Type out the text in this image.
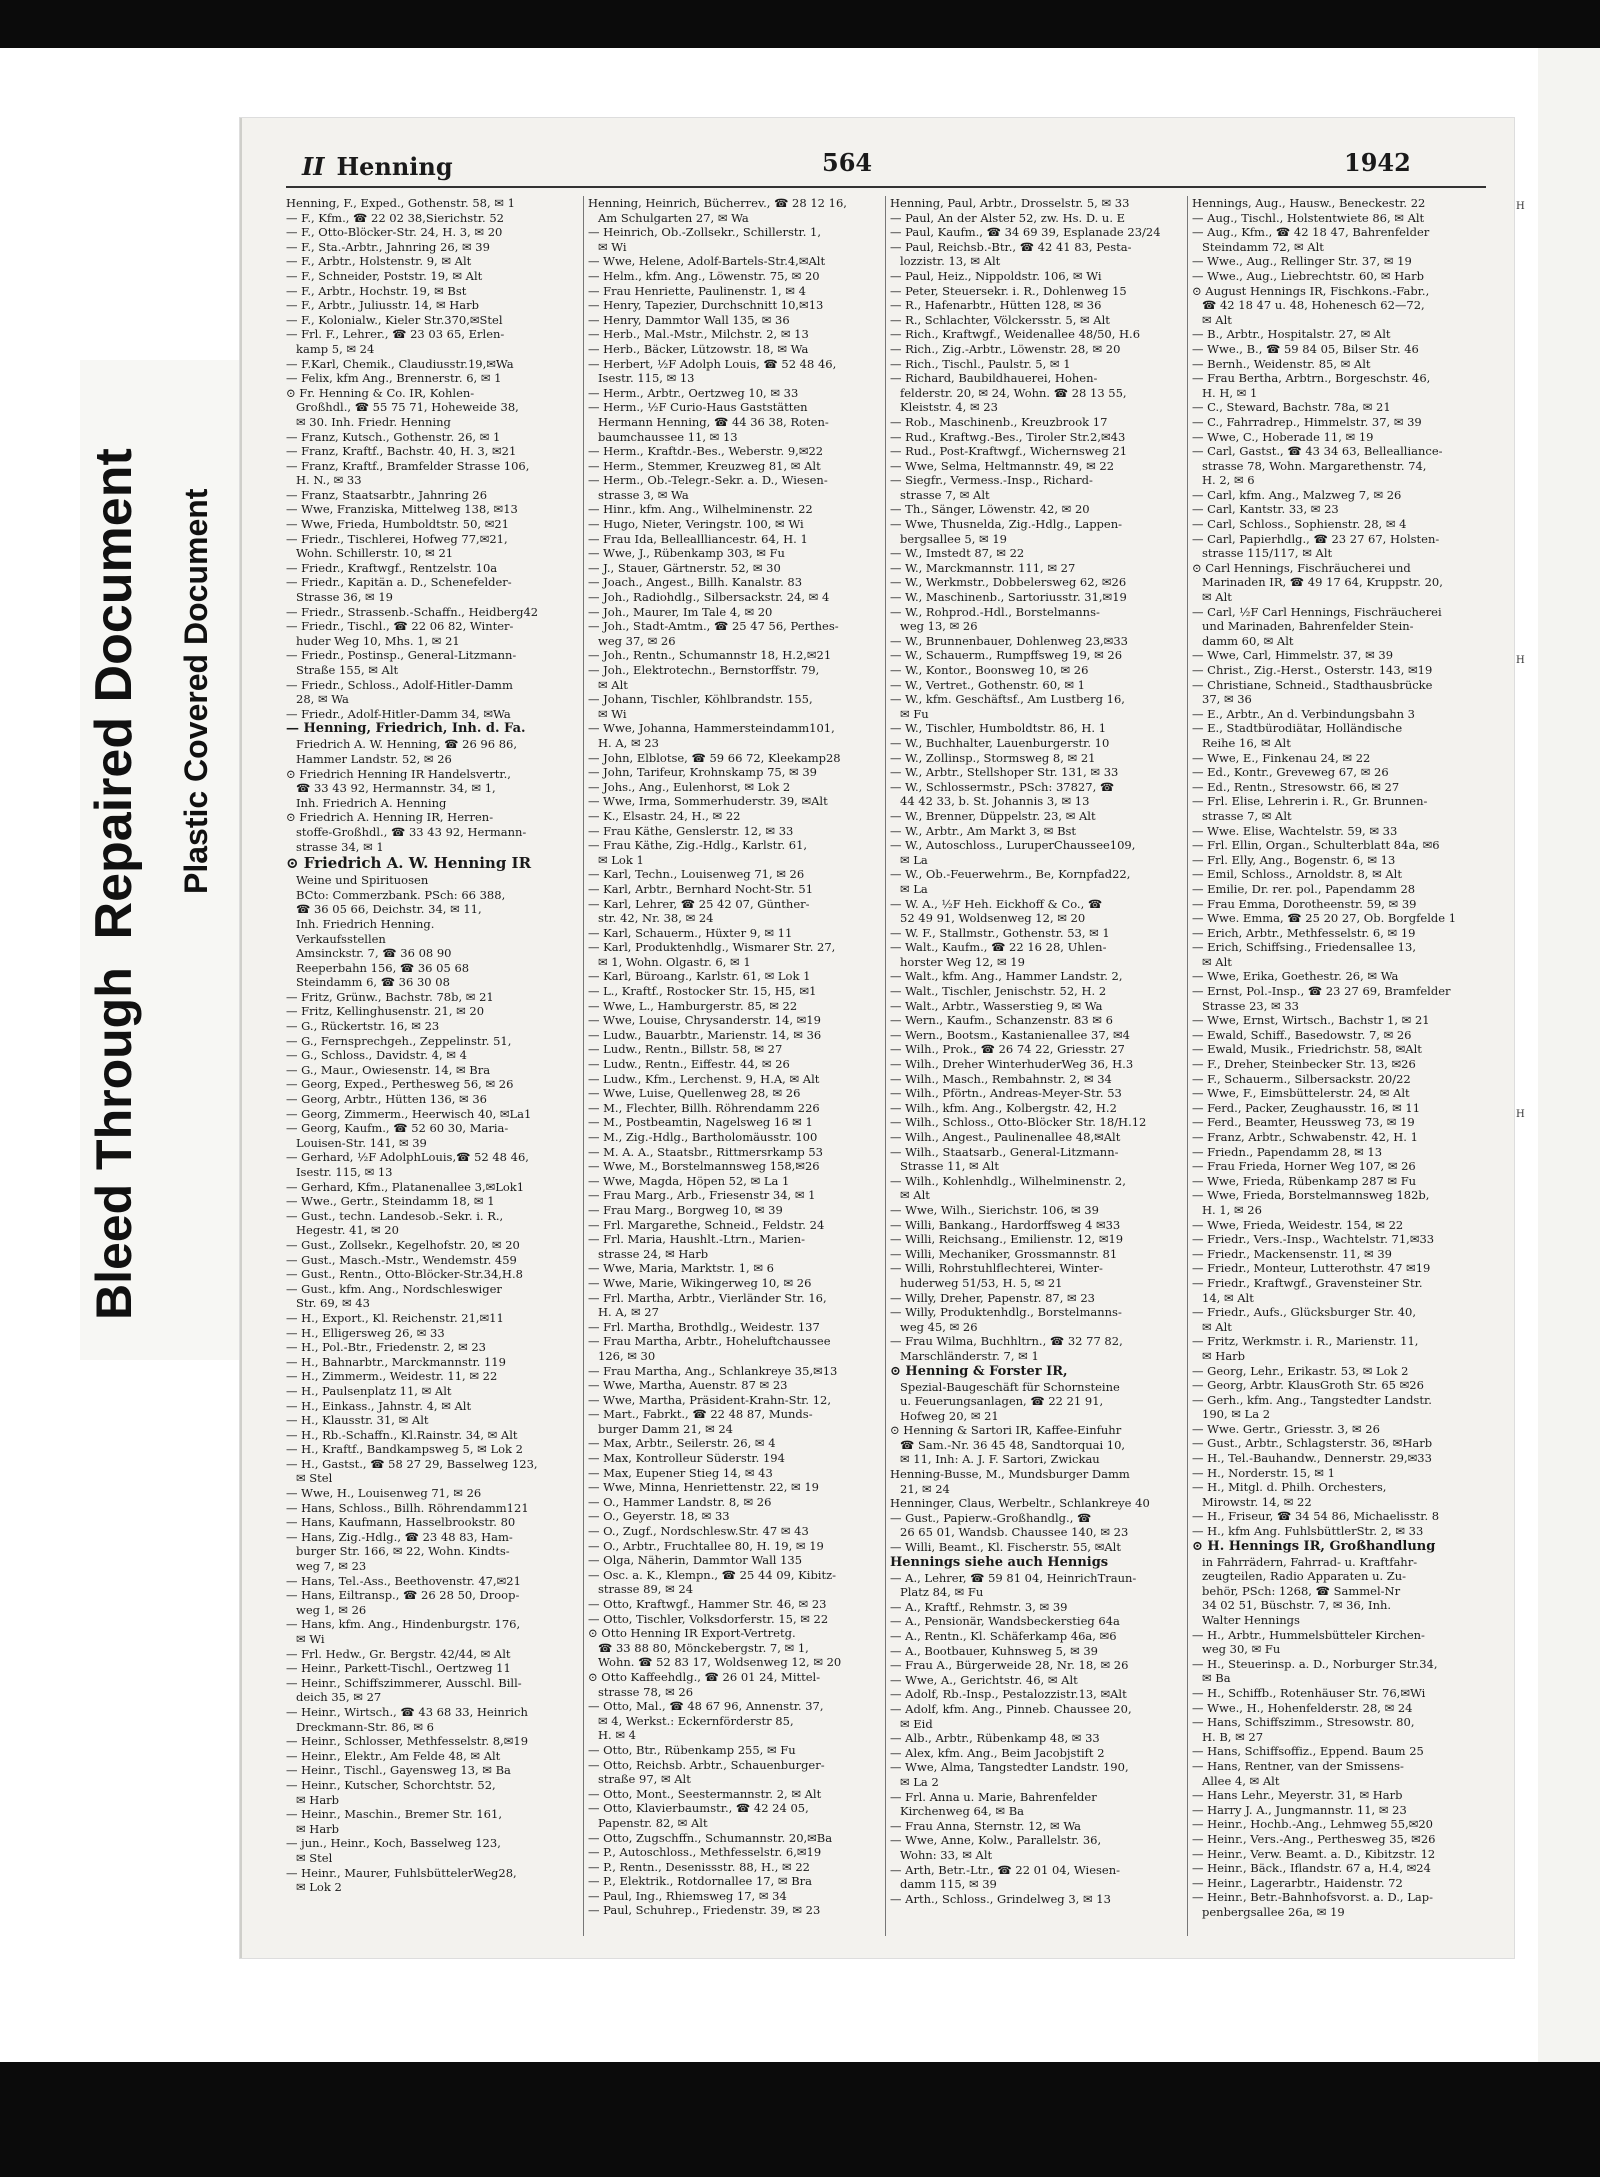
Bleed Through  Repaired Document Plastic Covered Document
II Henning	564	1942
Henning, F., Exped., Gothenstr. 58, ✉ 1
— F., Kfm., ☎ 22 02 38,Sierichstr. 52
— F., Otto-Blöcker-Str. 24, H. 3, ✉ 20
— F., Sta.-Arbtr., Jahnring 26, ✉ 39
— F., Arbtr., Holstenstr. 9, ✉ Alt
— F., Schneider, Poststr. 19, ✉ Alt
— F., Arbtr., Hochstr. 19, ✉ Bst
— F., Arbtr., Juliusstr. 14, ✉ Harb
— F., Kolonialw., Kieler Str.370,✉Stel
— Frl. F., Lehrer., ☎ 23 03 65, Erlen-
kamp 5, ✉ 24
— F.Karl, Chemik., Claudiusstr.19,✉Wa
— Felix, kfm Ang., Brennerstr. 6, ✉ 1
⊙ Fr. Henning & Co. IR, Kohlen-
Großhdl., ☎ 55 75 71, Hoheweide 38,
✉ 30. Inh. Friedr. Henning
— Franz, Kutsch., Gothenstr. 26, ✉ 1
— Franz, Kraftf., Bachstr. 40, H. 3, ✉21
— Franz, Kraftf., Bramfelder Strasse 106,
H. N., ✉ 33
— Franz, Staatsarbtr., Jahnring 26
— Wwe, Franziska, Mittelweg 138, ✉13
— Wwe, Frieda, Humboldtstr. 50, ✉21
— Friedr., Tischlerei, Hofweg 77,✉21,
Wohn. Schillerstr. 10, ✉ 21
— Friedr., Kraftwgf., Rentzelstr. 10a
— Friedr., Kapitän a. D., Schenefelder-
Strasse 36, ✉ 19
— Friedr., Strassenb.-Schaffn., Heidberg42
— Friedr., Tischl., ☎ 22 06 82, Winter-
huder Weg 10, Mhs. 1, ✉ 21
— Friedr., Postinsp., General-Litzmann-
Straße 155, ✉ Alt
— Friedr., Schloss., Adolf-Hitler-Damm
28, ✉ Wa
— Friedr., Adolf-Hitler-Damm 34, ✉Wa
— Henning, Friedrich, Inh. d. Fa.
Friedrich A. W. Henning, ☎ 26 96 86,
Hammer Landstr. 52, ✉ 26
⊙ Friedrich Henning IR Handelsvertr.,
☎ 33 43 92, Hermannstr. 34, ✉ 1,
Inh. Friedrich A. Henning
⊙ Friedrich A. Henning IR, Herren-
stoffe-Großhdl., ☎ 33 43 92, Hermann-
strasse 34, ✉ 1
⊙ Friedrich A. W. Henning IR
Weine und Spirituosen
BCto: Commerzbank. PSch: 66 388,
☎ 36 05 66, Deichstr. 34, ✉ 11,
Inh. Friedrich Henning.
Verkaufsstellen
Amsinckstr. 7, ☎ 36 08 90
Reeperbahn 156, ☎ 36 05 68
Steindamm 6, ☎ 36 30 08
— Fritz, Grünw., Bachstr. 78b, ✉ 21
— Fritz, Kellinghusenstr. 21, ✉ 20
— G., Rückertstr. 16, ✉ 23
— G., Fernsprechgeh., Zeppelinstr. 51,
— G., Schloss., Davidstr. 4, ✉ 4
— G., Maur., Owiesenstr. 14, ✉ Bra
— Georg, Exped., Perthesweg 56, ✉ 26
— Georg, Arbtr., Hütten 136, ✉ 36
— Georg, Zimmerm., Heerwisch 40, ✉La1
— Georg, Kaufm., ☎ 52 60 30, Maria-
Louisen-Str. 141, ✉ 39
— Gerhard, ½F AdolphLouis,☎ 52 48 46,
Isestr. 115, ✉ 13
— Gerhard, Kfm., Platanenallee 3,✉Lok1
— Wwe., Gertr., Steindamm 18, ✉ 1
— Gust., techn. Landesob.-Sekr. i. R.,
Hegestr. 41, ✉ 20
— Gust., Zollsekr., Kegelhofstr. 20, ✉ 20
— Gust., Masch.-Mstr., Wendemstr. 459
— Gust., Rentn., Otto-Blöcker-Str.34,H.8
— Gust., kfm. Ang., Nordschleswiger
Str. 69, ✉ 43
— H., Export., Kl. Reichenstr. 21,✉11
— H., Elligersweg 26, ✉ 33
— H., Pol.-Btr., Friedenstr. 2, ✉ 23
— H., Bahnarbtr., Marckmannstr. 119
— H., Zimmerm., Weidestr. 11, ✉ 22
— H., Paulsenplatz 11, ✉ Alt
— H., Einkass., Jahnstr. 4, ✉ Alt
— H., Klausstr. 31, ✉ Alt
— H., Rb.-Schaffn., Kl.Rainstr. 34, ✉ Alt
— H., Kraftf., Bandkampsweg 5, ✉ Lok 2
— H., Gastst., ☎ 58 27 29, Basselweg 123,
✉ Stel
— Wwe, H., Louisenweg 71, ✉ 26
— Hans, Schloss., Billh. Röhrendamm121
— Hans, Kaufmann, Hasselbrookstr. 80
— Hans, Zig.-Hdlg., ☎ 23 48 83, Ham-
burger Str. 166, ✉ 22, Wohn. Kindts-
weg 7, ✉ 23
— Hans, Tel.-Ass., Beethovenstr. 47,✉21
— Hans, Eiltransp., ☎ 26 28 50, Droop-
weg 1, ✉ 26
— Hans, kfm. Ang., Hindenburgstr. 176,
✉ Wi
— Frl. Hedw., Gr. Bergstr. 42/44, ✉ Alt
— Heinr., Parkett-Tischl., Oertzweg 11
— Heinr., Schiffszimmerer, Ausschl. Bill-
deich 35, ✉ 27
— Heinr., Wirtsch., ☎ 43 68 33, Heinrich
Dreckmann-Str. 86, ✉ 6
— Heinr., Schlosser, Methfesselstr. 8,✉19
— Heinr., Elektr., Am Felde 48, ✉ Alt
— Heinr., Tischl., Gayensweg 13, ✉ Ba
— Heinr., Kutscher, Schorchtstr. 52,
✉ Harb
— Heinr., Maschin., Bremer Str. 161,
✉ Harb
— jun., Heinr., Koch, Basselweg 123,
✉ Stel
— Heinr., Maurer, FuhlsbüttelerWeg28,
✉ Lok 2
Henning, Heinrich, Bücherrev., ☎ 28 12 16,
Am Schulgarten 27, ✉ Wa
— Heinrich, Ob.-Zollsekr., Schillerstr. 1,
✉ Wi
— Wwe, Helene, Adolf-Bartels-Str.4,✉Alt
— Helm., kfm. Ang., Löwenstr. 75, ✉ 20
— Frau Henriette, Paulinenstr. 1, ✉ 4
— Henry, Tapezier, Durchschnitt 10,✉13
— Henry, Dammtor Wall 135, ✉ 36
— Herb., Mal.-Mstr., Milchstr. 2, ✉ 13
— Herb., Bäcker, Lützowstr. 18, ✉ Wa
— Herbert, ½F Adolph Louis, ☎ 52 48 46,
Isestr. 115, ✉ 13
— Herm., Arbtr., Oertzweg 10, ✉ 33
— Herm., ½F Curio-Haus Gaststätten
Hermann Henning, ☎ 44 36 38, Roten-
baumchaussee 11, ✉ 13
— Herm., Kraftdr.-Bes., Weberstr. 9,✉22
— Herm., Stemmer, Kreuzweg 81, ✉ Alt
— Herm., Ob.-Telegr.-Sekr. a. D., Wiesen-
strasse 3, ✉ Wa
— Hinr., kfm. Ang., Wilhelminenstr. 22
— Hugo, Nieter, Veringstr. 100, ✉ Wi
— Frau Ida, Belleallliancestr. 64, H. 1
— Wwe, J., Rübenkamp 303, ✉ Fu
— J., Stauer, Gärtnerstr. 52, ✉ 30
— Joach., Angest., Billh. Kanalstr. 83
— Joh., Radiohdlg., Silbersackstr. 24, ✉ 4
— Joh., Maurer, Im Tale 4, ✉ 20
— Joh., Stadt-Amtm., ☎ 25 47 56, Perthes-
weg 37, ✉ 26
— Joh., Rentn., Schumannstr 18, H.2,✉21
— Joh., Elektrotechn., Bernstorffstr. 79,
✉ Alt
— Johann, Tischler, Köhlbrandstr. 155,
✉ Wi
— Wwe, Johanna, Hammersteindamm101,
H. A, ✉ 23
— John, Elblotse, ☎ 59 66 72, Kleekamp28
— John, Tarifeur, Krohnskamp 75, ✉ 39
— Johs., Ang., Eulenhorst, ✉ Lok 2
— Wwe, Irma, Sommerhuderstr. 39, ✉Alt
— K., Elsastr. 24, H., ✉ 22
— Frau Käthe, Genslerstr. 12, ✉ 33
— Frau Käthe, Zig.-Hdlg., Karlstr. 61,
✉ Lok 1
— Karl, Techn., Louisenweg 71, ✉ 26
— Karl, Arbtr., Bernhard Nocht-Str. 51
— Karl, Lehrer, ☎ 25 42 07, Günther-
str. 42, Nr. 38, ✉ 24
— Karl, Schauerm., Hüxter 9, ✉ 11
— Karl, Produktenhdlg., Wismarer Str. 27,
✉ 1, Wohn. Olgastr. 6, ✉ 1
— Karl, Büroang., Karlstr. 61, ✉ Lok 1
— L., Kraftf., Rostocker Str. 15, H5, ✉1
— Wwe, L., Hamburgerstr. 85, ✉ 22
— Wwe, Louise, Chrysanderstr. 14, ✉19
— Ludw., Bauarbtr., Marienstr. 14, ✉ 36
— Ludw., Rentn., Billstr. 58, ✉ 27
— Ludw., Rentn., Eiffestr. 44, ✉ 26
— Ludw., Kfm., Lerchenst. 9, H.A, ✉ Alt
— Wwe, Luise, Quellenweg 28, ✉ 26
— M., Flechter, Billh. Röhrendamm 226
— M., Postbeamtin, Nagelsweg 16 ✉ 1
— M., Zig.-Hdlg., Bartholomäusstr. 100
— M. A. A., Staatsbr., Rittmersrkamp 53
— Wwe, M., Borstelmannsweg 158,✉26
— Wwe, Magda, Höpen 52, ✉ La 1
— Frau Marg., Arb., Friesenstr 34, ✉ 1
— Frau Marg., Borgweg 10, ✉ 39
— Frl. Margarethe, Schneid., Feldstr. 24
— Frl. Maria, Haushlt.-Ltrn., Marien-
strasse 24, ✉ Harb
— Wwe, Maria, Marktstr. 1, ✉ 6
— Wwe, Marie, Wikingerweg 10, ✉ 26
— Frl. Martha, Arbtr., Vierländer Str. 16,
H. A, ✉ 27
— Frl. Martha, Brothdlg., Weidestr. 137
— Frau Martha, Arbtr., Hoheluftchaussee
126, ✉ 30
— Frau Martha, Ang., Schlankreye 35,✉13
— Wwe, Martha, Auenstr. 87 ✉ 23
— Wwe, Martha, Präsident-Krahn-Str. 12,
— Mart., Fabrkt., ☎ 22 48 87, Munds-
burger Damm 21, ✉ 24
— Max, Arbtr., Seilerstr. 26, ✉ 4
— Max, Kontrolleur Süderstr. 194
— Max, Eupener Stieg 14, ✉ 43
— Wwe, Minna, Henriettenstr. 22, ✉ 19
— O., Hammer Landstr. 8, ✉ 26
— O., Geyerstr. 18, ✉ 33
— O., Zugf., Nordschlesw.Str. 47 ✉ 43
— O., Arbtr., Fruchtallee 80, H. 19, ✉ 19
— Olga, Näherin, Dammtor Wall 135
— Osc. a. K., Klempn., ☎ 25 44 09, Kibitz-
strasse 89, ✉ 24
— Otto, Kraftwgf., Hammer Str. 46, ✉ 23
— Otto, Tischler, Volksdorferstr. 15, ✉ 22
⊙ Otto Henning IR Export-Vertretg.
☎ 33 88 80, Mönckebergstr. 7, ✉ 1,
Wohn. ☎ 52 83 17, Woldsenweg 12, ✉ 20
⊙ Otto Kaffeehdlg., ☎ 26 01 24, Mittel-
strasse 78, ✉ 26
— Otto, Mal., ☎ 48 67 96, Annenstr. 37,
✉ 4, Werkst.: Eckernförderstr 85,
H. ✉ 4
— Otto, Btr., Rübenkamp 255, ✉ Fu
— Otto, Reichsb. Arbtr., Schauenburger-
straße 97, ✉ Alt
— Otto, Mont., Seestermannstr. 2, ✉ Alt
— Otto, Klavierbaumstr., ☎ 42 24 05,
Papenstr. 82, ✉ Alt
— Otto, Zugschffn., Schumannstr. 20,✉Ba
— P., Autoschloss., Methfesselstr. 6,✉19
— P., Rentn., Desenissstr. 88, H., ✉ 22
— P., Elektrik., Rotdornallee 17, ✉ Bra
— Paul, Ing., Rhiemsweg 17, ✉ 34
— Paul, Schuhrep., Friedenstr. 39, ✉ 23
Henning, Paul, Arbtr., Drosselstr. 5, ✉ 33
— Paul, An der Alster 52, zw. Hs. D. u. E
— Paul, Kaufm., ☎ 34 69 39, Esplanade 23/24
— Paul, Reichsb.-Btr., ☎ 42 41 83, Pesta-
lozzistr. 13, ✉ Alt
— Paul, Heiz., Nippoldstr. 106, ✉ Wi
— Peter, Steuersekr. i. R., Dohlenweg 15
— R., Hafenarbtr., Hütten 128, ✉ 36
— R., Schlachter, Völckersstr. 5, ✉ Alt
— Rich., Kraftwgf., Weidenallee 48/50, H.6
— Rich., Zig.-Arbtr., Löwenstr. 28, ✉ 20
— Rich., Tischl., Paulstr. 5, ✉ 1
— Richard, Baubildhauerei, Hohen-
felderstr. 20, ✉ 24, Wohn. ☎ 28 13 55,
Kleiststr. 4, ✉ 23
— Rob., Maschinenb., Kreuzbrook 17
— Rud., Kraftwg.-Bes., Tiroler Str.2,✉43
— Rud., Post-Kraftwgf., Wichernsweg 21
— Wwe, Selma, Heltmannstr. 49, ✉ 22
— Siegfr., Vermess.-Insp., Richard-
strasse 7, ✉ Alt
— Th., Sänger, Löwenstr. 42, ✉ 20
— Wwe, Thusnelda, Zig.-Hdlg., Lappen-
bergsallee 5, ✉ 19
— W., Imstedt 87, ✉ 22
— W., Marckmannstr. 111, ✉ 27
— W., Werkmstr., Dobbelersweg 62, ✉26
— W., Maschinenb., Sartoriusstr. 31,✉19
— W., Rohprod.-Hdl., Borstelmanns-
weg 13, ✉ 26
— W., Brunnenbauer, Dohlenweg 23,✉33
— W., Schauerm., Rumpffsweg 19, ✉ 26
— W., Kontor., Boonsweg 10, ✉ 26
— W., Vertret., Gothenstr. 60, ✉ 1
— W., kfm. Geschäftsf., Am Lustberg 16,
✉ Fu
— W., Tischler, Humboldtstr. 86, H. 1
— W., Buchhalter, Lauenburgerstr. 10
— W., Zollinsp., Stormsweg 8, ✉ 21
— W., Arbtr., Stellshoper Str. 131, ✉ 33
— W., Schlossermstr., PSch: 37827, ☎
44 42 33, b. St. Johannis 3, ✉ 13
— W., Brenner, Düppelstr. 23, ✉ Alt
— W., Arbtr., Am Markt 3, ✉ Bst
— W., Autoschloss., LuruperChaussee109,
✉ La
— W., Ob.-Feuerwehrm., Be, Kornpfad22,
✉ La
— W. A., ½F Heh. Eickhoff & Co., ☎
52 49 91, Woldsenweg 12, ✉ 20
— W. F., Stallmstr., Gothenstr. 53, ✉ 1
— Walt., Kaufm., ☎ 22 16 28, Uhlen-
horster Weg 12, ✉ 19
— Walt., kfm. Ang., Hammer Landstr. 2,
— Walt., Tischler, Jenischstr. 52, H. 2
— Walt., Arbtr., Wasserstieg 9, ✉ Wa
— Wern., Kaufm., Schanzenstr. 83 ✉ 6
— Wern., Bootsm., Kastanienallee 37, ✉4
— Wilh., Prok., ☎ 26 74 22, Griesstr. 27
— Wilh., Dreher WinterhuderWeg 36, H.3
— Wilh., Masch., Rembahnstr. 2, ✉ 34
— Wilh., Pförtn., Andreas-Meyer-Str. 53
— Wilh., kfm. Ang., Kolbergstr. 42, H.2
— Wilh., Schloss., Otto-Blöcker Str. 18/H.12
— Wilh., Angest., Paulinenallee 48,✉Alt
— Wilh., Staatsarb., General-Litzmann-
Strasse 11, ✉ Alt
— Wilh., Kohlenhdlg., Wilhelminenstr. 2,
✉ Alt
— Wwe, Wilh., Sierichstr. 106, ✉ 39
— Willi, Bankang., Hardorffsweg 4 ✉33
— Willi, Reichsang., Emilienstr. 12, ✉19
— Willi, Mechaniker, Grossmannstr. 81
— Willi, Rohrstuhlflechterei, Winter-
huderweg 51/53, H. 5, ✉ 21
— Willy, Dreher, Papenstr. 87, ✉ 23
— Willy, Produktenhdlg., Borstelmanns-
weg 45, ✉ 26
— Frau Wilma, Buchhltrn., ☎ 32 77 82,
Marschländerstr. 7, ✉ 1
⊙ Henning & Forster IR,
Spezial-Baugeschäft für Schornsteine
u. Feuerungsanlagen, ☎ 22 21 91,
Hofweg 20, ✉ 21
⊙ Henning & Sartori IR, Kaffee-Einfuhr
☎ Sam.-Nr. 36 45 48, Sandtorquai 10,
✉ 11, Inh: A. J. F. Sartori, Zwickau
Henning-Busse, M., Mundsburger Damm
21, ✉ 24
Henninger, Claus, Werbeltr., Schlankreye 40
— Gust., Papierw.-Großhandlg., ☎
26 65 01, Wandsb. Chaussee 140, ✉ 23
— Willi, Beamt., Kl. Fischerstr. 55, ✉Alt
Hennings siehe auch Hennigs
— A., Lehrer, ☎ 59 81 04, HeinrichTraun-
Platz 84, ✉ Fu
— A., Kraftf., Rehmstr. 3, ✉ 39
— A., Pensionär, Wandsbeckerstieg 64a
— A., Rentn., Kl. Schäferkamp 46a, ✉6
— A., Bootbauer, Kuhnsweg 5, ✉ 39
— Frau A., Bürgerweide 28, Nr. 18, ✉ 26
— Wwe, A., Gerichtstr. 46, ✉ Alt
— Adolf, Rb.-Insp., Pestalozzistr.13, ✉Alt
— Adolf, kfm. Ang., Pinneb. Chaussee 20,
✉ Eid
— Alb., Arbtr., Rübenkamp 48, ✉ 33
— Alex, kfm. Ang., Beim Jacobjstift 2
— Wwe, Alma, Tangstedter Landstr. 190,
✉ La 2
— Frl. Anna u. Marie, Bahrenfelder
Kirchenweg 64, ✉ Ba
— Frau Anna, Sternstr. 12, ✉ Wa
— Wwe, Anne, Kolw., Parallelstr. 36,
Wohn: 33, ✉ Alt
— Arth, Betr.-Ltr., ☎ 22 01 04, Wiesen-
damm 115, ✉ 39
— Arth., Schloss., Grindelweg 3, ✉ 13
Hennings, Aug., Hausw., Beneckestr. 22
— Aug., Tischl., Holstentwiete 86, ✉ Alt
— Aug., Kfm., ☎ 42 18 47, Bahrenfelder
Steindamm 72, ✉ Alt
— Wwe., Aug., Rellinger Str. 37, ✉ 19
— Wwe., Aug., Liebrechtstr. 60, ✉ Harb
⊙ August Hennings IR, Fischkons.-Fabr.,
☎ 42 18 47 u. 48, Hohenesch 62—72,
✉ Alt
— B., Arbtr., Hospitalstr. 27, ✉ Alt
— Wwe., B., ☎ 59 84 05, Bilser Str. 46
— Bernh., Weidenstr. 85, ✉ Alt
— Frau Bertha, Arbtrn., Borgeschstr. 46,
H. H, ✉ 1
— C., Steward, Bachstr. 78a, ✉ 21
— C., Fahrradrep., Himmelstr. 37, ✉ 39
— Wwe, C., Hoberade 11, ✉ 19
— Carl, Gastst., ☎ 43 34 63, Bellealliance-
strasse 78, Wohn. Margarethenstr. 74,
H. 2, ✉ 6
— Carl, kfm. Ang., Malzweg 7, ✉ 26
— Carl, Kantstr. 33, ✉ 23
— Carl, Schloss., Sophienstr. 28, ✉ 4
— Carl, Papierhdlg., ☎ 23 27 67, Holsten-
strasse 115/117, ✉ Alt
⊙ Carl Hennings, Fischräucherei und
Marinaden IR, ☎ 49 17 64, Kruppstr. 20,
✉ Alt
— Carl, ½F Carl Hennings, Fischräucherei
und Marinaden, Bahrenfelder Stein-
damm 60, ✉ Alt
— Wwe, Carl, Himmelstr. 37, ✉ 39
— Christ., Zig.-Herst., Osterstr. 143, ✉19
— Christiane, Schneid., Stadthausbrücke
37, ✉ 36
— E., Arbtr., An d. Verbindungsbahn 3
— E., Stadtbürodiätar, Holländische
Reihe 16, ✉ Alt
— Wwe, E., Finkenau 24, ✉ 22
— Ed., Kontr., Greveweg 67, ✉ 26
— Ed., Rentn., Stresowstr. 66, ✉ 27
— Frl. Elise, Lehrerin i. R., Gr. Brunnen-
strasse 7, ✉ Alt
— Wwe. Elise, Wachtelstr. 59, ✉ 33
— Frl. Ellin, Organ., Schulterblatt 84a, ✉6
— Frl. Elly, Ang., Bogenstr. 6, ✉ 13
— Emil, Schloss., Arnoldstr. 8, ✉ Alt
— Emilie, Dr. rer. pol., Papendamm 28
— Frau Emma, Dorotheenstr. 59, ✉ 39
— Wwe. Emma, ☎ 25 20 27, Ob. Borgfelde 1
— Erich, Arbtr., Methfesselstr. 6, ✉ 19
— Erich, Schiffsing., Friedensallee 13,
✉ Alt
— Wwe, Erika, Goethestr. 26, ✉ Wa
— Ernst, Pol.-Insp., ☎ 23 27 69, Bramfelder
Strasse 23, ✉ 33
— Wwe, Ernst, Wirtsch., Bachstr 1, ✉ 21
— Ewald, Schiff., Basedowstr. 7, ✉ 26
— Ewald, Musik., Friedrichstr. 58, ✉Alt
— F., Dreher, Steinbecker Str. 13, ✉26
— F., Schauerm., Silbersackstr. 20/22
— Wwe, F., Eimsbüttelerstr. 24, ✉ Alt
— Ferd., Packer, Zeughausstr. 16, ✉ 11
— Ferd., Beamter, Heussweg 73, ✉ 19
— Franz, Arbtr., Schwabenstr. 42, H. 1
— Friedn., Papendamm 28, ✉ 13
— Frau Frieda, Horner Weg 107, ✉ 26
— Wwe, Frieda, Rübenkamp 287 ✉ Fu
— Wwe, Frieda, Borstelmannsweg 182b,
H. 1, ✉ 26
— Wwe, Frieda, Weidestr. 154, ✉ 22
— Friedr., Vers.-Insp., Wachtelstr. 71,✉33
— Friedr., Mackensenstr. 11, ✉ 39
— Friedr., Monteur, Lutterothstr. 47 ✉19
— Friedr., Kraftwgf., Gravensteiner Str.
14, ✉ Alt
— Friedr., Aufs., Glücksburger Str. 40,
✉ Alt
— Fritz, Werkmstr. i. R., Marienstr. 11,
✉ Harb
— Georg, Lehr., Erikastr. 53, ✉ Lok 2
— Georg, Arbtr. KlausGroth Str. 65 ✉26
— Gerh., kfm. Ang., Tangstedter Landstr.
190, ✉ La 2
— Wwe. Gertr., Griesstr. 3, ✉ 26
— Gust., Arbtr., Schlagsterstr. 36, ✉Harb
— H., Tel.-Bauhandw., Dennerstr. 29,✉33
— H., Norderstr. 15, ✉ 1
— H., Mitgl. d. Philh. Orchesters,
Mirowstr. 14, ✉ 22
— H., Friseur, ☎ 34 54 86, Michaelisstr. 8
— H., kfm Ang. FuhlsbüttlerStr. 2, ✉ 33
⊙ H. Hennings IR, Großhandlung
in Fahrrädern, Fahrrad- u. Kraftfahr-
zeugteilen, Radio Apparaten u. Zu-
behör, PSch: 1268, ☎ Sammel-Nr
34 02 51, Büschstr. 7, ✉ 36, Inh.
Walter Hennings
— H., Arbtr., Hummelsbütteler Kirchen-
weg 30, ✉ Fu
— H., Steuerinsp. a. D., Norburger Str.34,
✉ Ba
— H., Schiffb., Rotenhäuser Str. 76,✉Wi
— Wwe., H., Hohenfelderstr. 28, ✉ 24
— Hans, Schiffszimm., Stresowstr. 80,
H. B, ✉ 27
— Hans, Schiffsoffiz., Eppend. Baum 25
— Hans, Rentner, van der Smissens-
Allee 4, ✉ Alt
— Hans Lehr., Meyerstr. 31, ✉ Harb
— Harry J. A., Jungmannstr. 11, ✉ 23
— Heinr., Hochb.-Ang., Lehmweg 55,✉20
— Heinr., Vers.-Ang., Perthesweg 35, ✉26
— Heinr., Verw. Beamt. a. D., Kibitzstr. 12
— Heinr., Bäck., Iflandstr. 67 a, H.4, ✉24
— Heinr., Lagerarbtr., Haidenstr. 72
— Heinr., Betr.-Bahnhofsvorst. a. D., Lap-
penbergsallee 26a, ✉ 19
H
H
H
